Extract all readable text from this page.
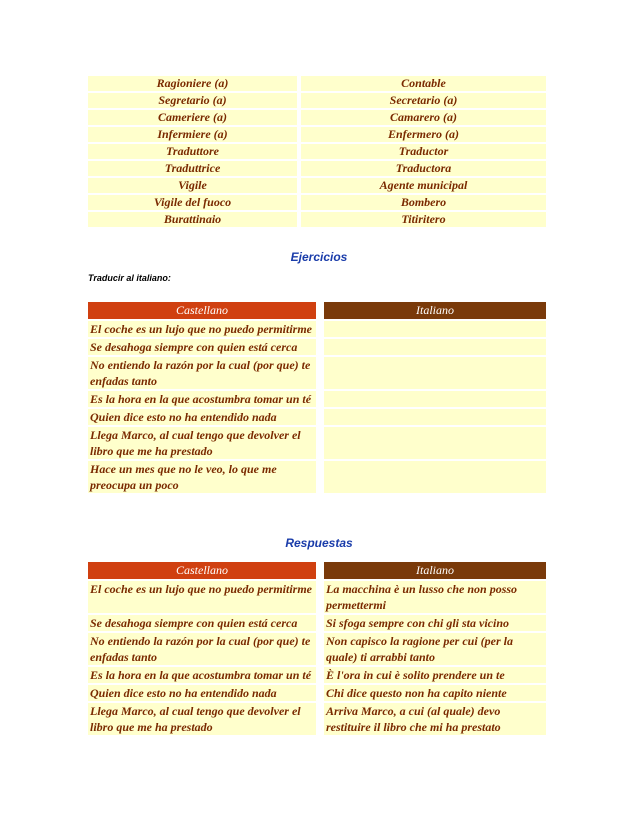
Ragioniere (a)		Contable
Segretario (a)		Secretario (a)
Cameriere (a)		Camarero (a)
Infermiere (a)		Enfermero (a)
Traduttore		Traductor
Traduttrice		Traductora
Vigile		Agente municipal
Vigile del fuoco		Bombero
Burattinaio		Titiritero
Ejercicios
Traducir al italiano:
Castellano		Italiano
El coche es un lujo que no puedo permitirme		
Se desahoga siempre con quien está cerca		
No entiendo la razón por la cual (por que) te enfadas tanto		
Es la hora en la que acostumbra tomar un té		
Quien dice esto no ha entendido nada		
Llega Marco, al cual tengo que devolver el libro que me ha prestado		
Hace un mes que no le veo, lo que me preocupa un poco		
Respuestas
Castellano		Italiano
El coche es un lujo que no puedo permitirme		La macchina è un lusso che non posso permettermi
Se desahoga siempre con quien está cerca		Si sfoga sempre con chi gli sta vicino
No entiendo la razón por la cual (por que) te enfadas tanto		Non capisco la ragione per cui (per la quale) ti arrabbi tanto
Es la hora en la que acostumbra tomar un té		È l'ora in cui è solito prendere un te
Quien dice esto no ha entendido nada		Chi dice questo non ha capito niente
Llega Marco, al cual tengo que devolver el libro que me ha prestado		Arriva Marco, a cui (al quale) devo restituire il libro che mi ha prestato
